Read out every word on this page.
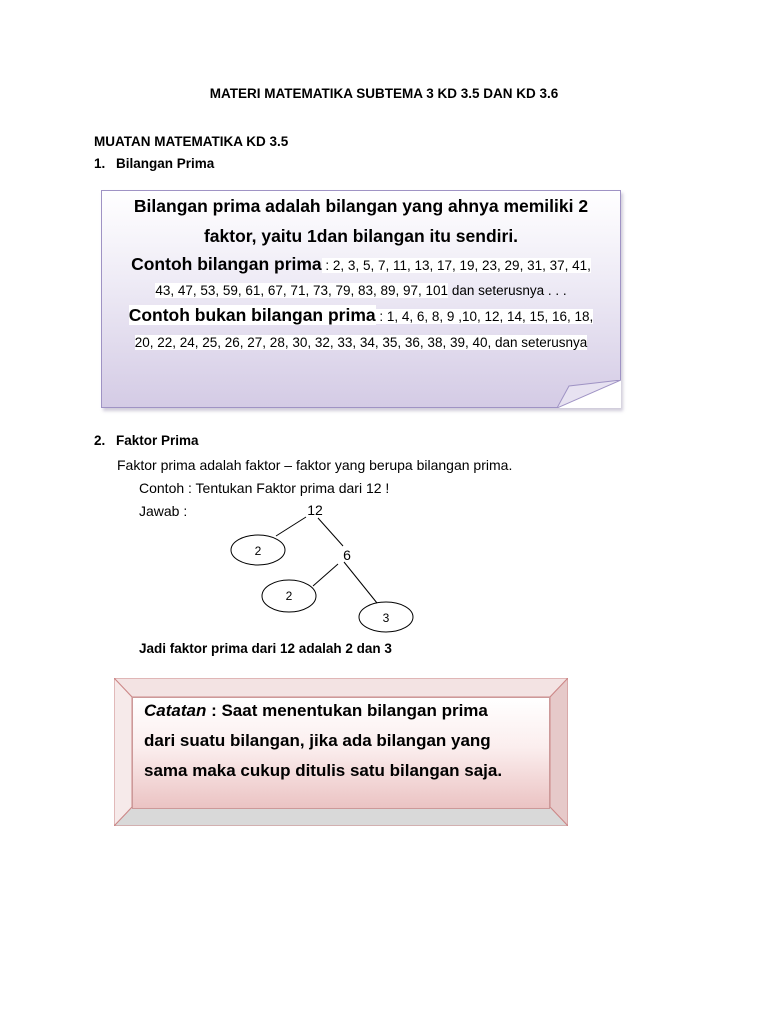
MATERI MATEMATIKA SUBTEMA 3 KD 3.5 DAN KD 3.6
MUATAN MATEMATIKA KD 3.5
1. Bilangan Prima
Bilangan prima adalah bilangan yang ahnya memiliki 2
faktor, yaitu 1dan bilangan itu sendiri.
Contoh bilangan prima : 2, 3, 5, 7, 11, 13, 17, 19, 23, 29, 31, 37, 41,
43, 47, 53, 59, 61, 67, 71, 73, 79, 83, 89, 97, 101 dan seterusnya . . .
Contoh bukan bilangan prima : 1, 4, 6, 8, 9 ,10, 12, 14, 15, 16, 18,
20, 22, 24, 25, 26, 27, 28, 30, 32, 33, 34, 35, 36, 38, 39, 40, dan seterusnya
2. Faktor Prima
Faktor prima adalah faktor – faktor yang berupa bilangan prima.
Contoh : Tentukan Faktor prima dari 12 !
Jawab :	12
2	6
2
3
Jadi faktor prima dari 12 adalah 2 dan 3
Catatan : Saat menentukan bilangan prima
dari suatu bilangan, jika ada bilangan yang
sama maka cukup ditulis satu bilangan saja.
